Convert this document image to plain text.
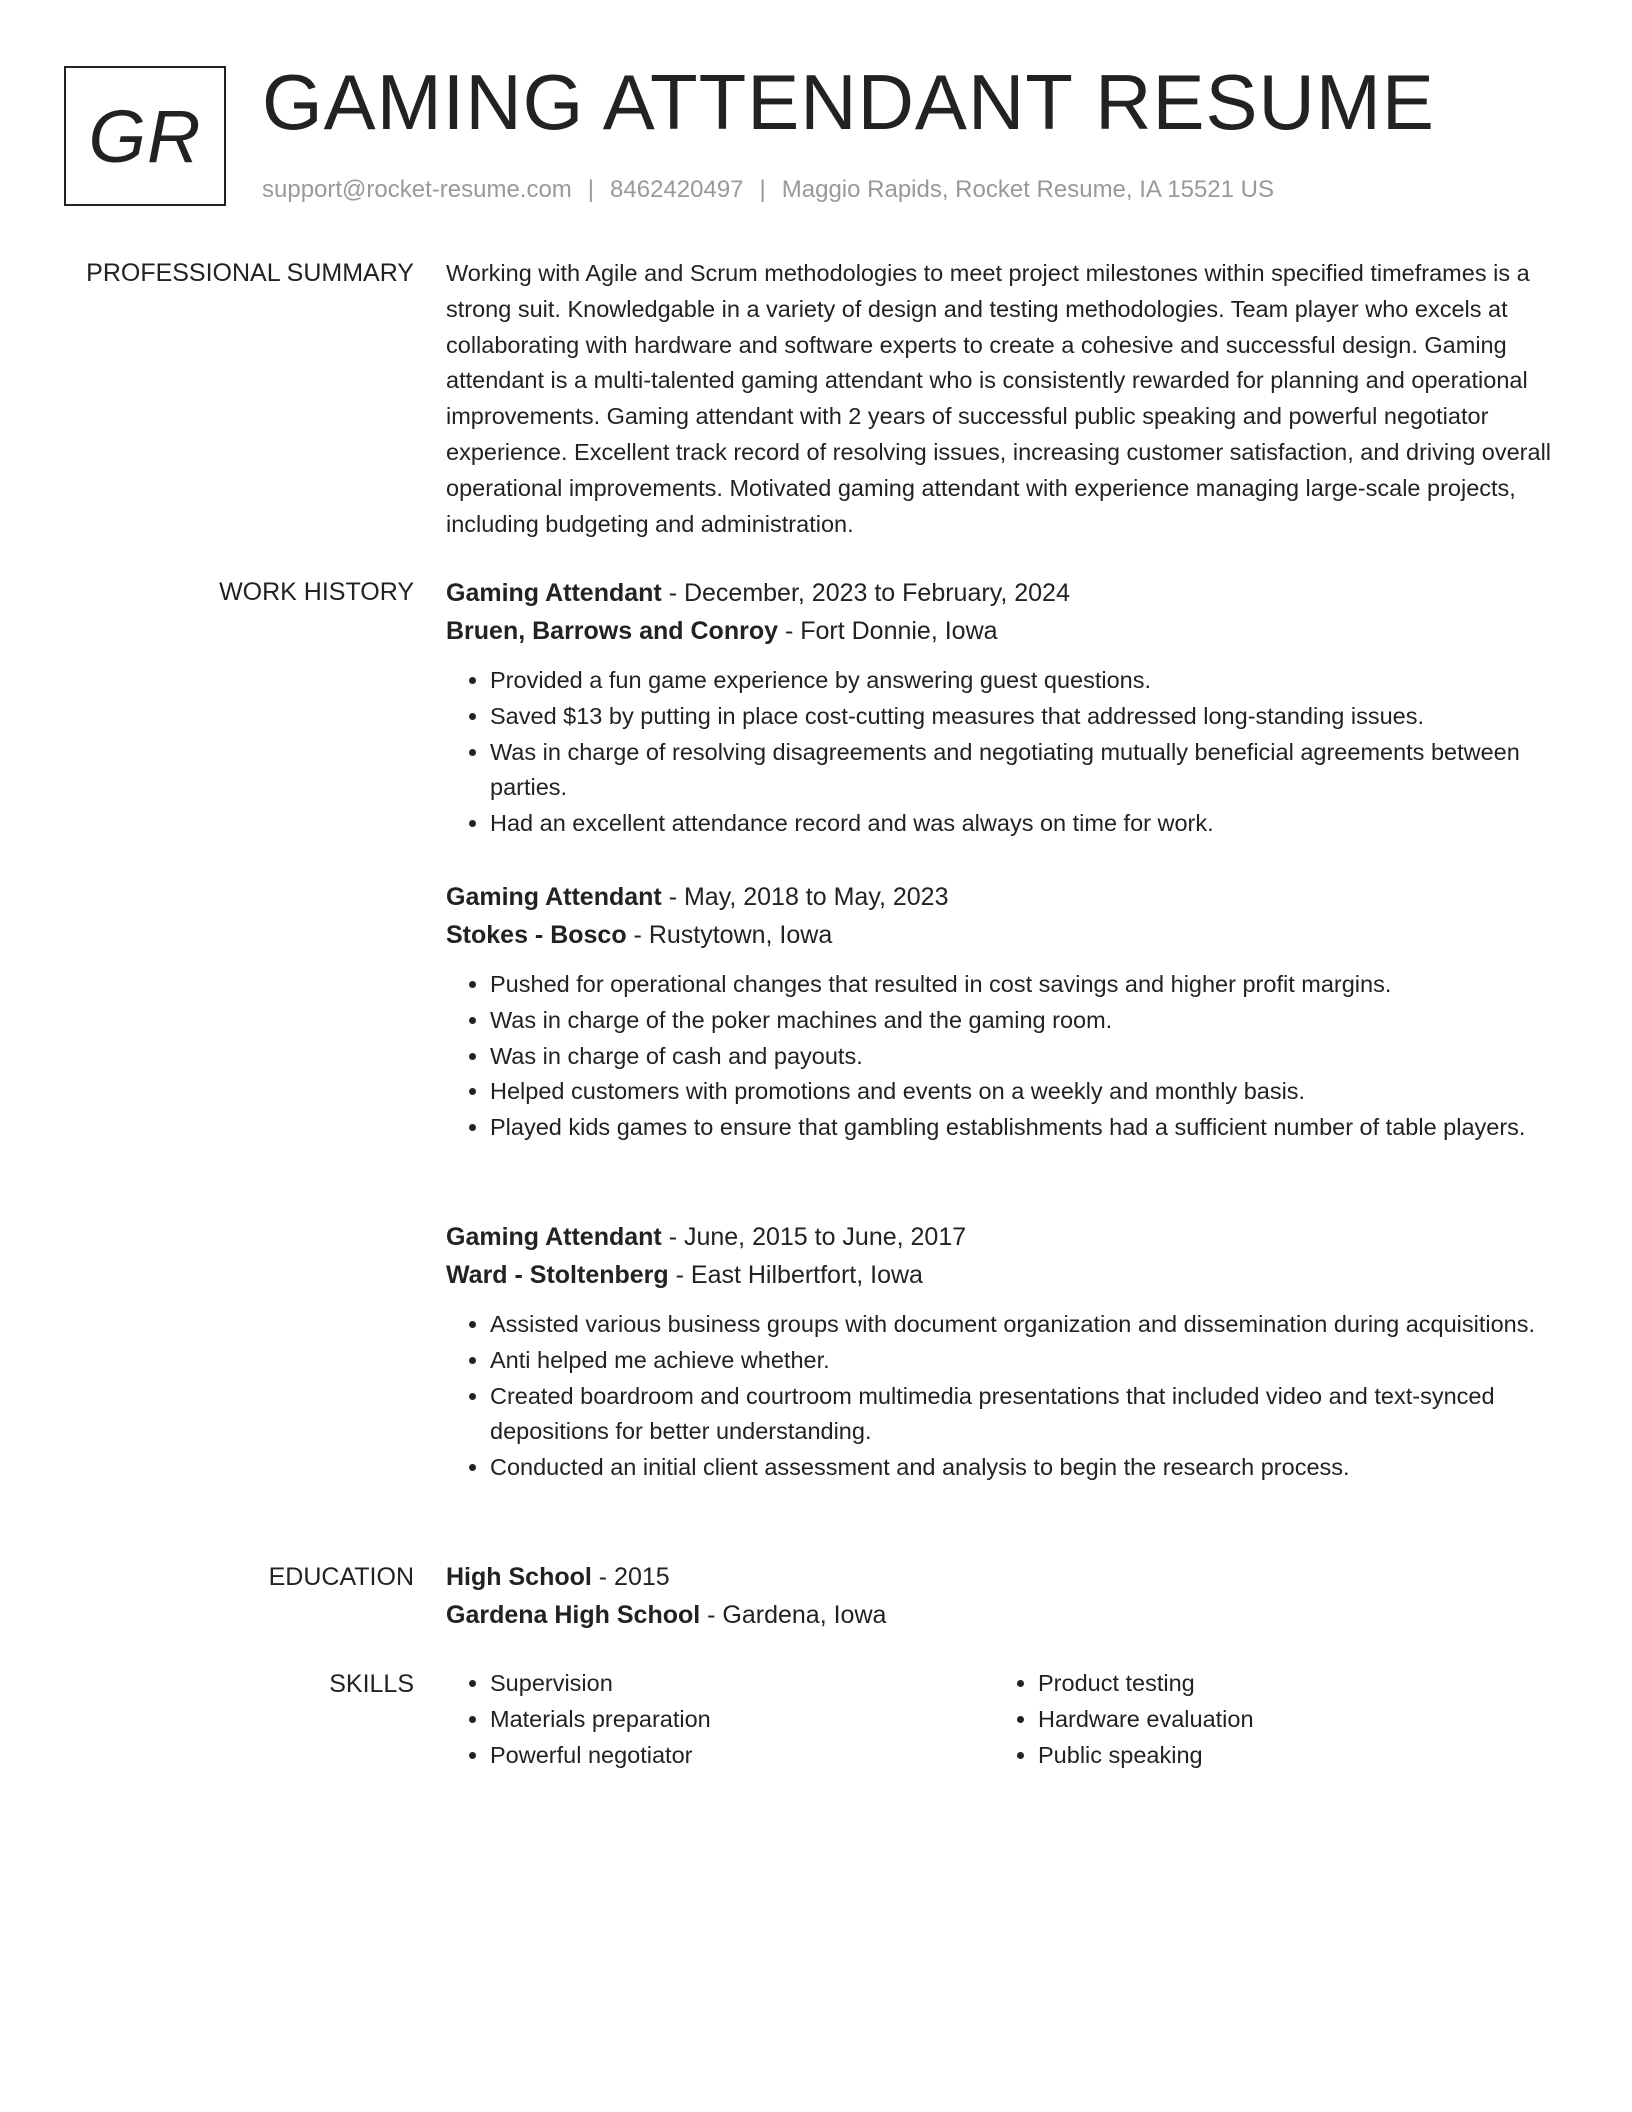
GR GAMING ATTENDANT RESUME
support@rocket-resume.com | 8462420497 | Maggio Rapids, Rocket Resume, IA 15521 US
PROFESSIONAL SUMMARY Working with Agile and Scrum methodologies to meet project milestones within specified timeframes is a strong suit. Knowledgable in a variety of design and testing methodologies. Team player who excels at collaborating with hardware and software experts to create a cohesive and successful design. Gaming attendant is a multi-talented gaming attendant who is consistently rewarded for planning and operational improvements. Gaming attendant with 2 years of successful public speaking and powerful negotiator experience. Excellent track record of resolving issues, increasing customer satisfaction, and driving overall operational improvements. Motivated gaming attendant with experience managing large-scale projects, including budgeting and administration.

WORK HISTORY Gaming Attendant - December, 2023 to February, 2024
Bruen, Barrows and Conroy - Fort Donnie, Iowa
• Provided a fun game experience by answering guest questions.
• Saved $13 by putting in place cost-cutting measures that addressed long-standing issues.
• Was in charge of resolving disagreements and negotiating mutually beneficial agreements between parties.
• Had an excellent attendance record and was always on time for work.
Gaming Attendant - May, 2018 to May, 2023
Stokes - Bosco - Rustytown, Iowa
• Pushed for operational changes that resulted in cost savings and higher profit margins.
• Was in charge of the poker machines and the gaming room.
• Was in charge of cash and payouts.
• Helped customers with promotions and events on a weekly and monthly basis.
• Played kids games to ensure that gambling establishments had a sufficient number of table players.
Gaming Attendant - June, 2015 to June, 2017
Ward - Stoltenberg - East Hilbertfort, Iowa
• Assisted various business groups with document organization and dissemination during acquisitions.
• Anti helped me achieve whether.
• Created boardroom and courtroom multimedia presentations that included video and text-synced depositions for better understanding.
• Conducted an initial client assessment and analysis to begin the research process.
EDUCATION High School - 2015
Gardena High School - Gardena, Iowa
SKILLS
•	Supervision
• Materials preparation
• Powerful negotiator
• Product testing
• Hardware evaluation
• Public speaking
